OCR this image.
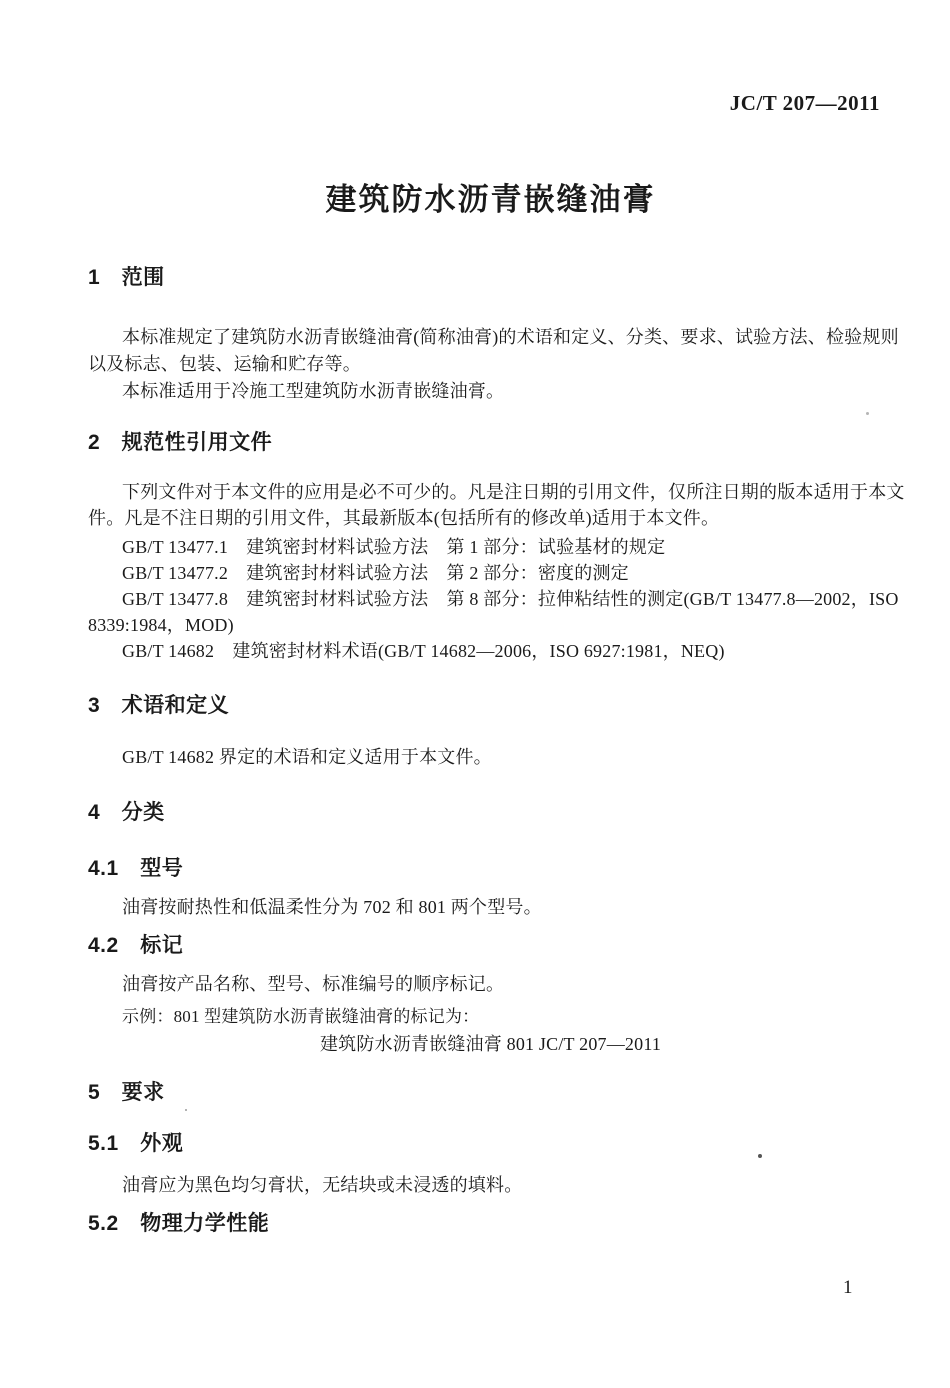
JC/T 207—2011
建筑防水沥青嵌缝油膏
1　范围
本标准规定了建筑防水沥青嵌缝油膏(简称油膏)的术语和定义、分类、要求、试验方法、检验规则
以及标志、包装、运输和贮存等。
本标准适用于冷施工型建筑防水沥青嵌缝油膏。
2　规范性引用文件
下列文件对于本文件的应用是必不可少的。凡是注日期的引用文件，仅所注日期的版本适用于本文
件。凡是不注日期的引用文件，其最新版本(包括所有的修改单)适用于本文件。
GB/T 13477.1　建筑密封材料试验方法　第 1 部分：试验基材的规定
GB/T 13477.2　建筑密封材料试验方法　第 2 部分：密度的测定
GB/T 13477.8　建筑密封材料试验方法　第 8 部分：拉伸粘结性的测定(GB/T 13477.8—2002，ISO
8339:1984，MOD)
GB/T 14682　建筑密封材料术语(GB/T 14682—2006，ISO 6927:1981，NEQ)
3　术语和定义
GB/T 14682 界定的术语和定义适用于本文件。
4　分类
4.1　型号
油膏按耐热性和低温柔性分为 702 和 801 两个型号。
4.2　标记
油膏按产品名称、型号、标准编号的顺序标记。
示例：801 型建筑防水沥青嵌缝油膏的标记为：
建筑防水沥青嵌缝油膏 801 JC/T 207—2011
5　要求
5.1　外观
油膏应为黑色均匀膏状，无结块或未浸透的填料。
5.2　物理力学性能
1
